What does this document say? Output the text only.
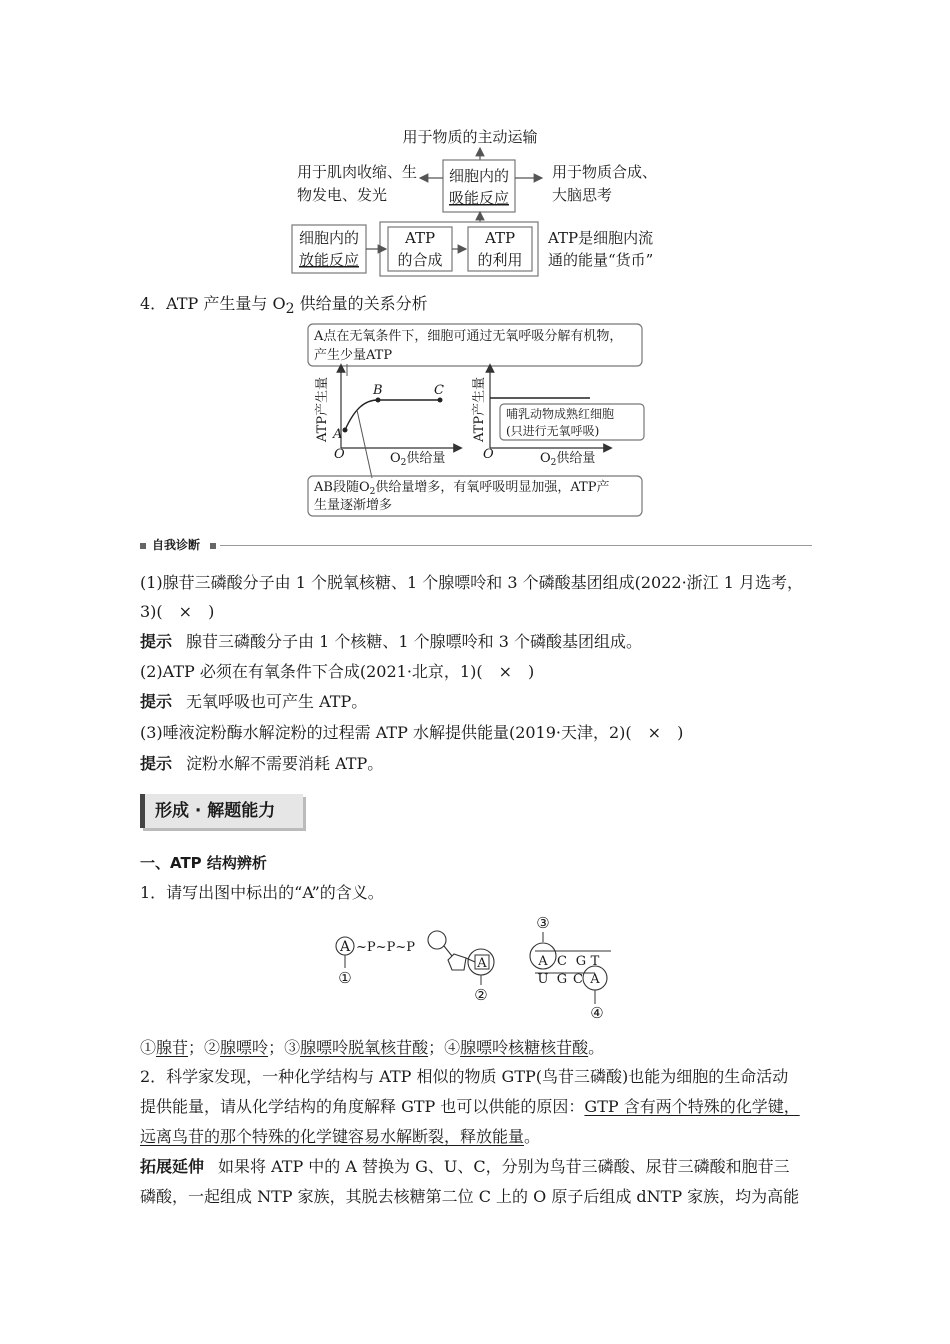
用于物质的主动运输
细胞内的
吸能反应
用于肌肉收缩、生
物发电、发光
用于物质合成、
大脑思考
细胞内的
放能反应
ATP
的合成
ATP
的利用
ATP是细胞内流
通的能量“货币”
4．ATP 产生量与 $O_2$ 供给量的关系分析
A点在无氧条件下，细胞可通过无氧呼吸分解有机物，
产生少量ATP
A
B	C
O
ATP产生量
$O_2$供给量	O
ATP产生量
$O_2$供给量
哺乳动物成熟红细胞
(只进行无氧呼吸)
AB段随$O_2$供给量增多，有氧呼吸明显加强，ATP产
生量逐渐增多
自我诊断
(1)腺苷三磷酸分子由 1 个脱氧核糖、1 个腺嘌呤和 3 个磷酸基团组成(2022·浙江 1 月选考，
3)(　×　)
提示 腺苷三磷酸分子由 1 个核糖、1 个腺嘌呤和 3 个磷酸基团组成。
(2)ATP 必须在有氧条件下合成(2021·北京，1)(　×　)
提示 无氧呼吸也可产生 ATP。
(3)唾液淀粉酶水解淀粉的过程需 ATP 水解提供能量(2019·天津，2)(　×　)
提示 淀粉水解不需要消耗 ATP。
形成 · 解题能力
一、ATP 结构辨析
1．请写出图中标出的“A”的含义。
A ~P~P~P
①
A
②
③
A C G T
U G C A
④
①腺苷；②腺嘌呤；③腺嘌呤脱氧核苷酸；④腺嘌呤核糖核苷酸。
2．科学家发现，一种化学结构与 ATP 相似的物质 GTP(鸟苷三磷酸)也能为细胞的生命活动
提供能量，请从化学结构的角度解释 GTP 也可以供能的原因：GTP 含有两个特殊的化学键，
远离鸟苷的那个特殊的化学键容易水解断裂，释放能量。
拓展延伸 如果将 ATP 中的 A 替换为 G、U、C，分别为鸟苷三磷酸、尿苷三磷酸和胞苷三
磷酸，一起组成 NTP 家族，其脱去核糖第二位 C 上的 O 原子后组成 dNTP 家族，均为高能
